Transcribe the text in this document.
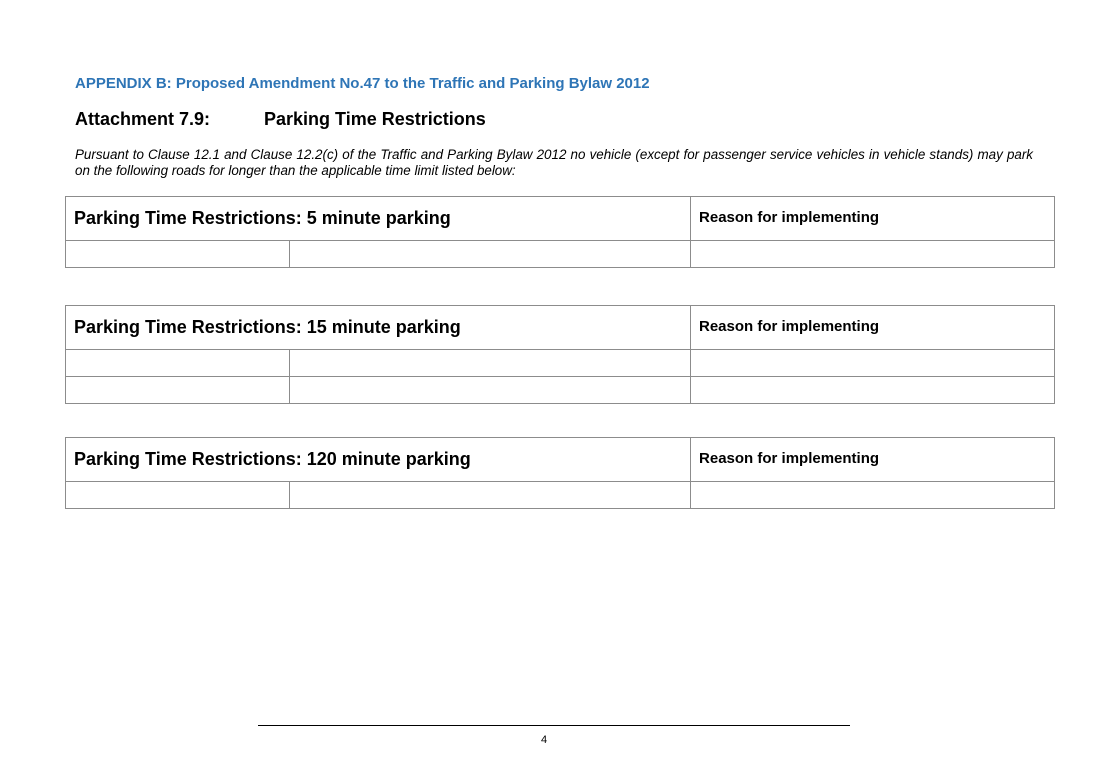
APPENDIX B: Proposed Amendment No.47 to the Traffic and Parking Bylaw 2012
Attachment 7.9:	Parking Time Restrictions
Pursuant to Clause 12.1 and Clause 12.2(c) of the Traffic and Parking Bylaw 2012 no vehicle (except for passenger service vehicles in vehicle stands) may park on the following roads for longer than the applicable time limit listed below:
Parking Time Restrictions: 5 minute parking		Reason for implementing

Parking Time Restrictions: 15 minute parking		Reason for implementing

Parking Time Restrictions: 120 minute parking		Reason for implementing

4
